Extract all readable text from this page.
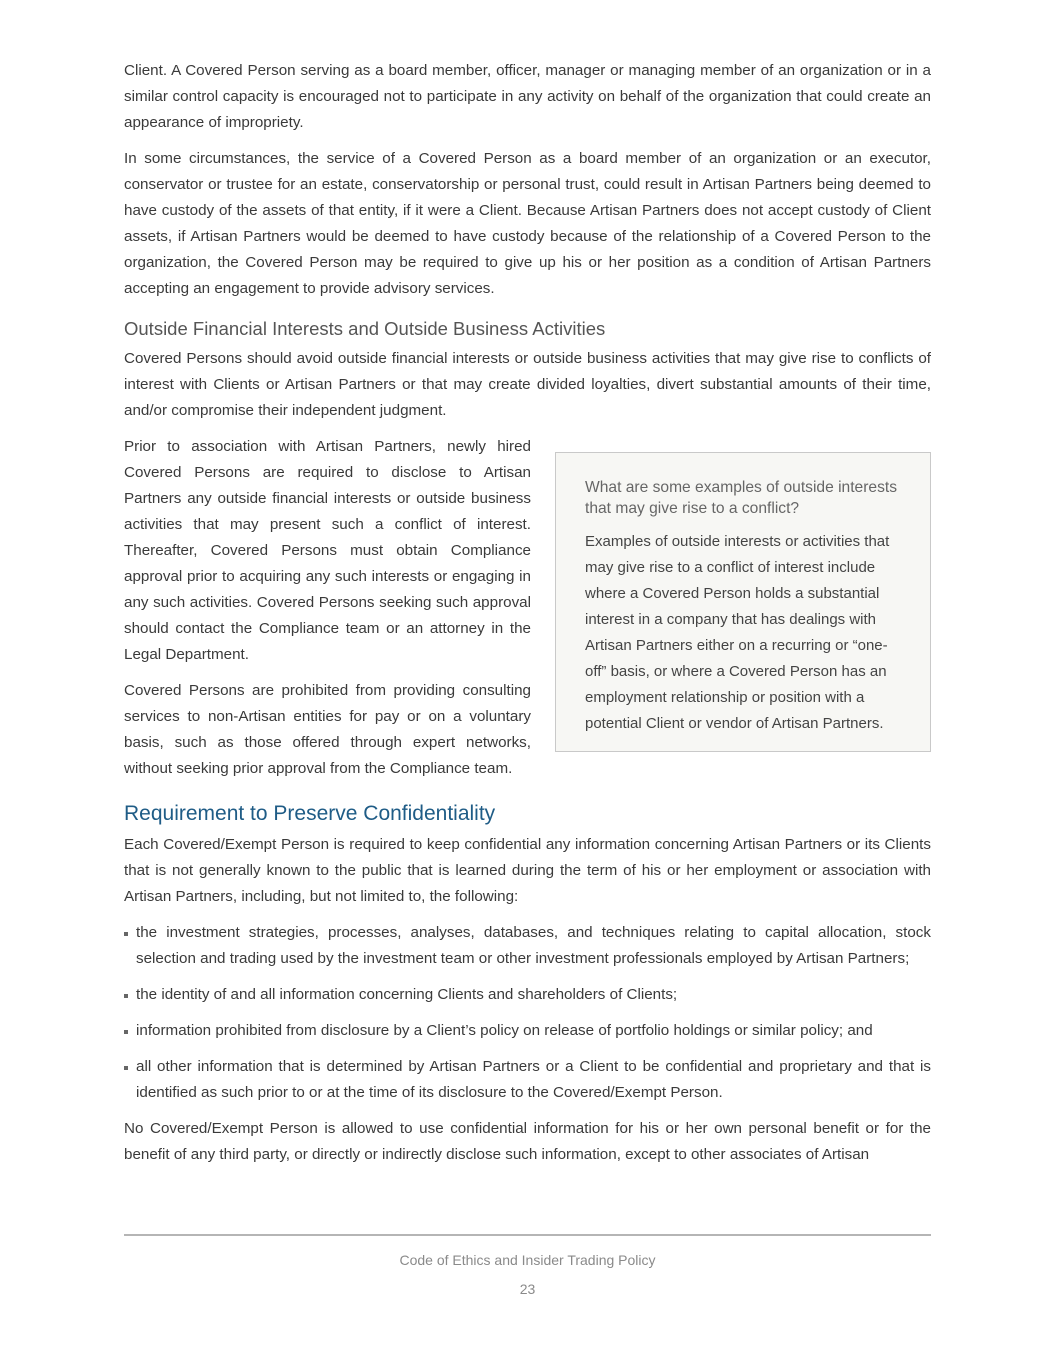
Client. A Covered Person serving as a board member, officer, manager or managing member of an organization or in a similar control capacity is encouraged not to participate in any activity on behalf of the organization that could create an appearance of impropriety.

In some circumstances, the service of a Covered Person as a board member of an organization or an executor, conservator or trustee for an estate, conservatorship or personal trust, could result in Artisan Partners being deemed to have custody of the assets of that entity, if it were a Client. Because Artisan Partners does not accept custody of Client assets, if Artisan Partners would be deemed to have custody because of the relationship of a Covered Person to the organization, the Covered Person may be required to give up his or her position as a condition of Artisan Partners accepting an engagement to provide advisory services.

Outside Financial Interests and Outside Business Activities

Covered Persons should avoid outside financial interests or outside business activities that may give rise to conflicts of interest with Clients or Artisan Partners or that may create divided loyalties, divert substantial amounts of their time, and/or compromise their independent judgment.

What are some examples of outside interests that may give rise to a conflict?

Examples of outside interests or activities that may give rise to a conflict of interest include where a Covered Person holds a substantial interest in a company that has dealings with Artisan Partners either on a recurring or “one-off” basis, or where a Covered Person has an employment relationship or position with a potential Client or vendor of Artisan Partners.

Prior to association with Artisan Partners, newly hired Covered Persons are required to disclose to Artisan Partners any outside financial interests or outside business activities that may present such a conflict of interest. Thereafter, Covered Persons must obtain Compliance approval prior to acquiring any such interests or engaging in any such activities. Covered Persons seeking such approval should contact the Compliance team or an attorney in the Legal Department.

Covered Persons are prohibited from providing consulting services to non-Artisan entities for pay or on a voluntary basis, such as those offered through expert networks, without seeking prior approval from the Compliance team.

Requirement to Preserve Confidentiality

Each Covered/Exempt Person is required to keep confidential any information concerning Artisan Partners or its Clients that is not generally known to the public that is learned during the term of his or her employment or association with Artisan Partners, including, but not limited to, the following:

the investment strategies, processes, analyses, databases, and techniques relating to capital allocation, stock selection and trading used by the investment team or other investment professionals employed by Artisan Partners;
the identity of and all information concerning Clients and shareholders of Clients;
information prohibited from disclosure by a Client’s policy on release of portfolio holdings or similar policy; and
all other information that is determined by Artisan Partners or a Client to be confidential and proprietary and that is identified as such prior to or at the time of its disclosure to the Covered/Exempt Person.

No Covered/Exempt Person is allowed to use confidential information for his or her own personal benefit or for the benefit of any third party, or directly or indirectly disclose such information, except to other associates of Artisan

Code of Ethics and Insider Trading Policy
23
